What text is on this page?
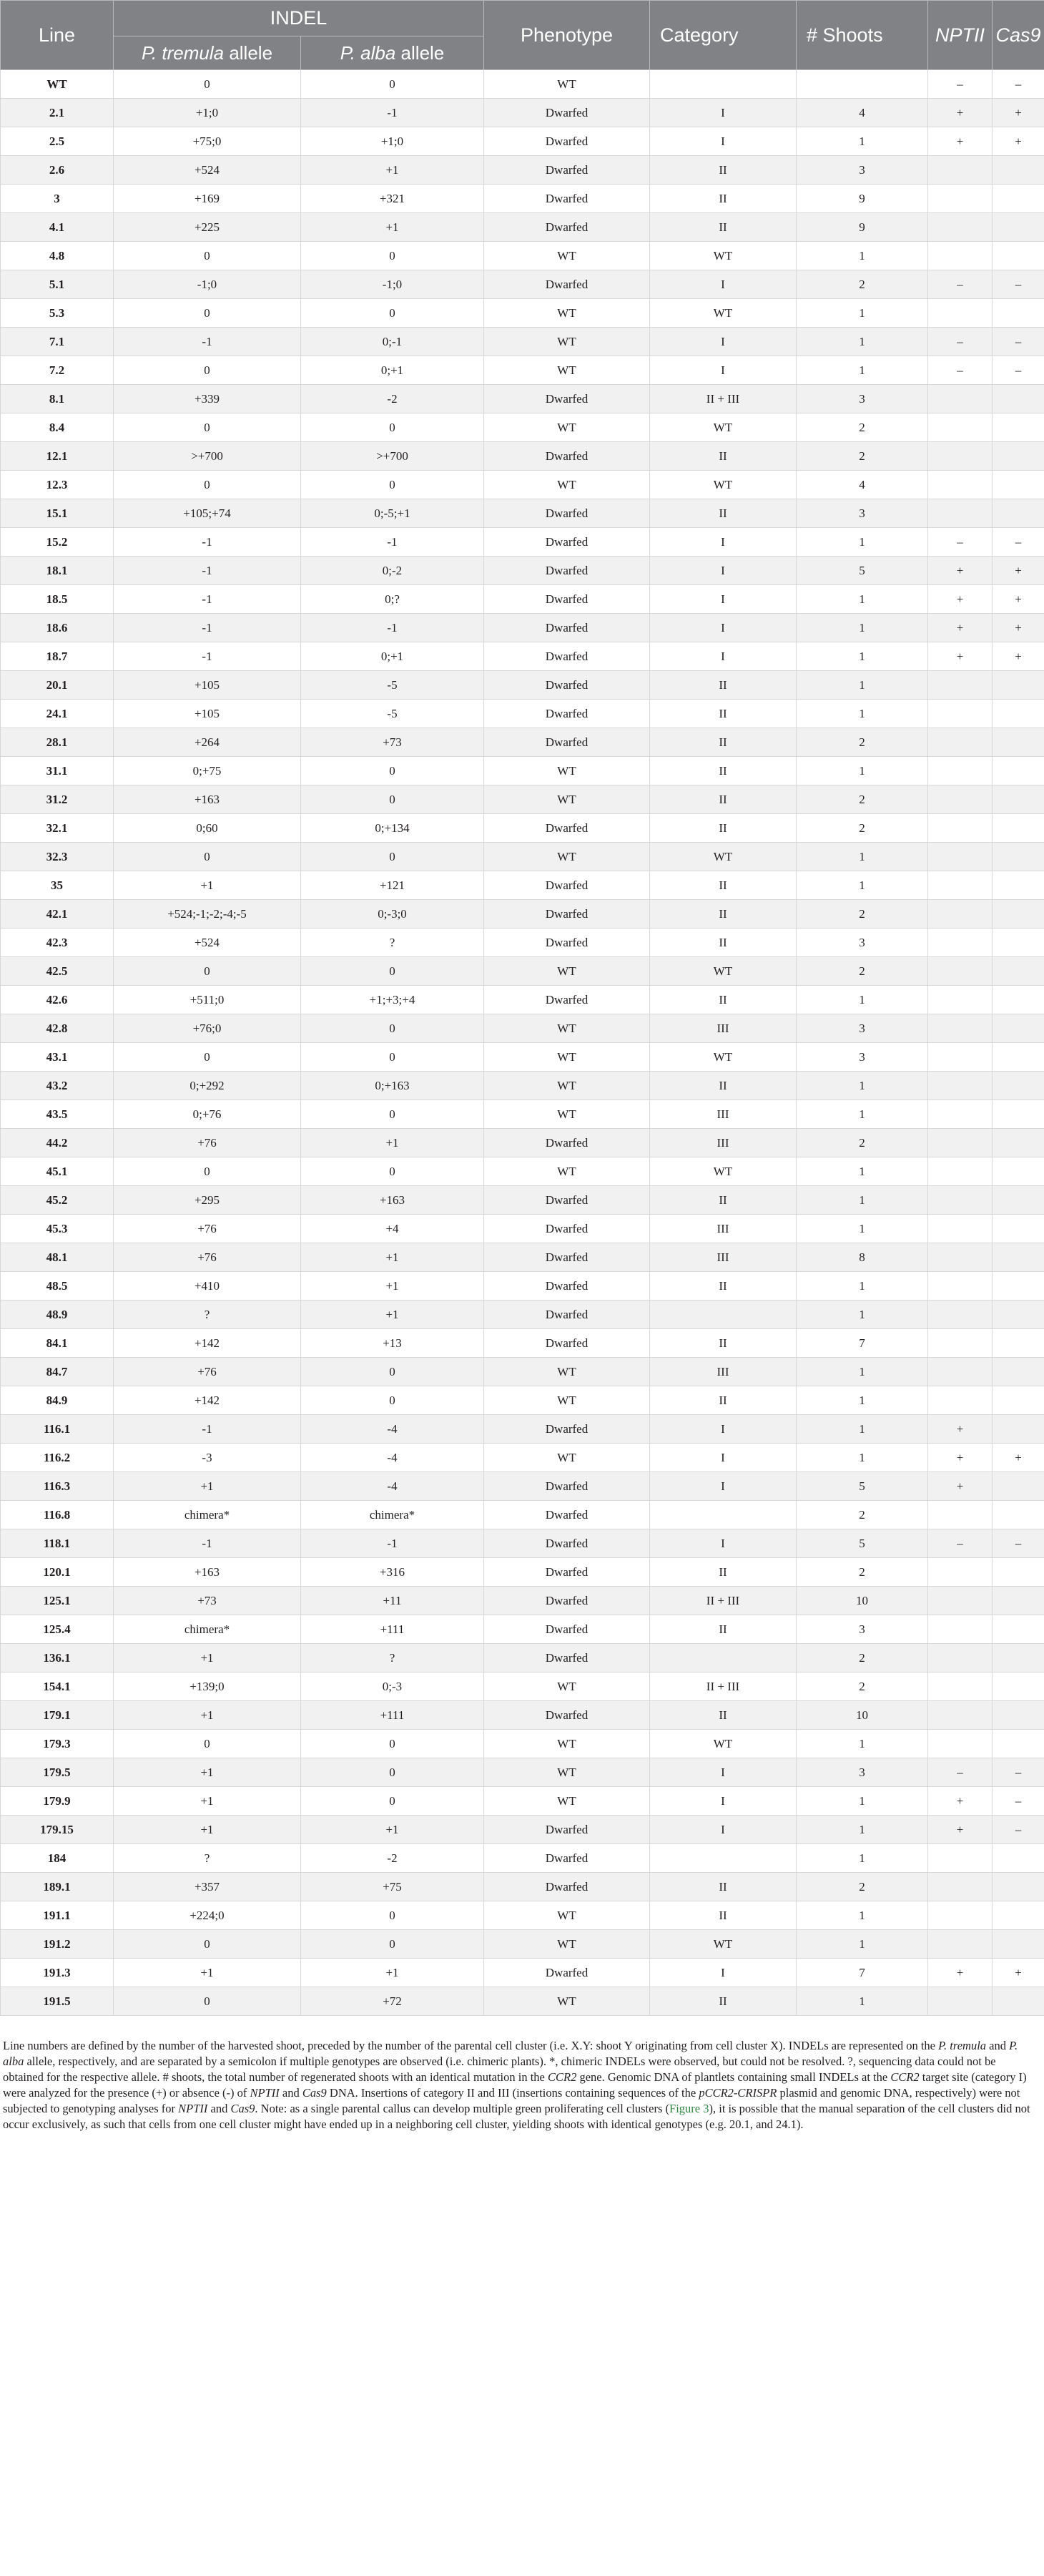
Line	INDEL		Phenotype	Category	# Shoots	NPTII	Cas9
	P. tremula allele	P. alba allele					
WT	0	0	WT			–	–
2.1	+1;0	-1	Dwarfed	I	4	+	+
2.5	+75;0	+1;0	Dwarfed	I	1	+	+
2.6	+524	+1	Dwarfed	II	3		
3	+169	+321	Dwarfed	II	9		
4.1	+225	+1	Dwarfed	II	9		
4.8	0	0	WT	WT	1		
5.1	-1;0	-1;0	Dwarfed	I	2	–	–
5.3	0	0	WT	WT	1		
7.1	-1	0;-1	WT	I	1	–	–
7.2	0	0;+1	WT	I	1	–	–
8.1	+339	-2	Dwarfed	II + III	3		
8.4	0	0	WT	WT	2		
12.1	>+700	>+700	Dwarfed	II	2		
12.3	0	0	WT	WT	4		
15.1	+105;+74	0;-5;+1	Dwarfed	II	3		
15.2	-1	-1	Dwarfed	I	1	–	–
18.1	-1	0;-2	Dwarfed	I	5	+	+
18.5	-1	0;?	Dwarfed	I	1	+	+
18.6	-1	-1	Dwarfed	I	1	+	+
18.7	-1	0;+1	Dwarfed	I	1	+	+
20.1	+105	-5	Dwarfed	II	1		
24.1	+105	-5	Dwarfed	II	1		
28.1	+264	+73	Dwarfed	II	2		
31.1	0;+75	0	WT	II	1		
31.2	+163	0	WT	II	2		
32.1	0;60	0;+134	Dwarfed	II	2		
32.3	0	0	WT	WT	1		
35	+1	+121	Dwarfed	II	1		
42.1	+524;-1;-2;-4;-5	0;-3;0	Dwarfed	II	2		
42.3	+524	?	Dwarfed	II	3		
42.5	0	0	WT	WT	2		
42.6	+511;0	+1;+3;+4	Dwarfed	II	1		
42.8	+76;0	0	WT	III	3		
43.1	0	0	WT	WT	3		
43.2	0;+292	0;+163	WT	II	1		
43.5	0;+76	0	WT	III	1		
44.2	+76	+1	Dwarfed	III	2		
45.1	0	0	WT	WT	1		
45.2	+295	+163	Dwarfed	II	1		
45.3	+76	+4	Dwarfed	III	1		
48.1	+76	+1	Dwarfed	III	8		
48.5	+410	+1	Dwarfed	II	1		
48.9	?	+1	Dwarfed		1		
84.1	+142	+13	Dwarfed	II	7		
84.7	+76	0	WT	III	1		
84.9	+142	0	WT	II	1		
116.1	-1	-4	Dwarfed	I	1	+	
116.2	-3	-4	WT	I	1	+	+
116.3	+1	-4	Dwarfed	I	5	+	
116.8	chimera*	chimera*	Dwarfed		2		
118.1	-1	-1	Dwarfed	I	5	–	–
120.1	+163	+316	Dwarfed	II	2		
125.1	+73	+11	Dwarfed	II + III	10		
125.4	chimera*	+111	Dwarfed	II	3		
136.1	+1	?	Dwarfed		2		
154.1	+139;0	0;-3	WT	II + III	2		
179.1	+1	+111	Dwarfed	II	10		
179.3	0	0	WT	WT	1		
179.5	+1	0	WT	I	3	–	–
179.9	+1	0	WT	I	1	+	–
179.15	+1	+1	Dwarfed	I	1	+	–
184	?	-2	Dwarfed		1		
189.1	+357	+75	Dwarfed	II	2		
191.1	+224;0	0	WT	II	1		
191.2	0	0	WT	WT	1		
191.3	+1	+1	Dwarfed	I	7	+	+
191.5	0	+72	WT	II	1		

Line numbers are defined by the number of the harvested shoot, preceded by the number of the parental cell cluster (i.e. X.Y: shoot Y originating from cell cluster X). INDELs are represented on the P. tremula and P. alba allele, respectively, and are separated by a semicolon if multiple genotypes are observed (i.e. chimeric plants). *, chimeric INDELs were observed, but could not be resolved. ?, sequencing data could not be obtained for the respective allele. # shoots, the total number of regenerated shoots with an identical mutation in the CCR2 gene. Genomic DNA of plantlets containing small INDELs at the CCR2 target site (category I) were analyzed for the presence (+) or absence (-) of NPTII and Cas9 DNA. Insertions of category II and III (insertions containing sequences of the pCCR2-CRISPR plasmid and genomic DNA, respectively) were not subjected to genotyping analyses for NPTII and Cas9. Note: as a single parental callus can develop multiple green proliferating cell clusters (Figure 3), it is possible that the manual separation of the cell clusters did not occur exclusively, as such that cells from one cell cluster might have ended up in a neighboring cell cluster, yielding shoots with identical genotypes (e.g. 20.1, and 24.1).
